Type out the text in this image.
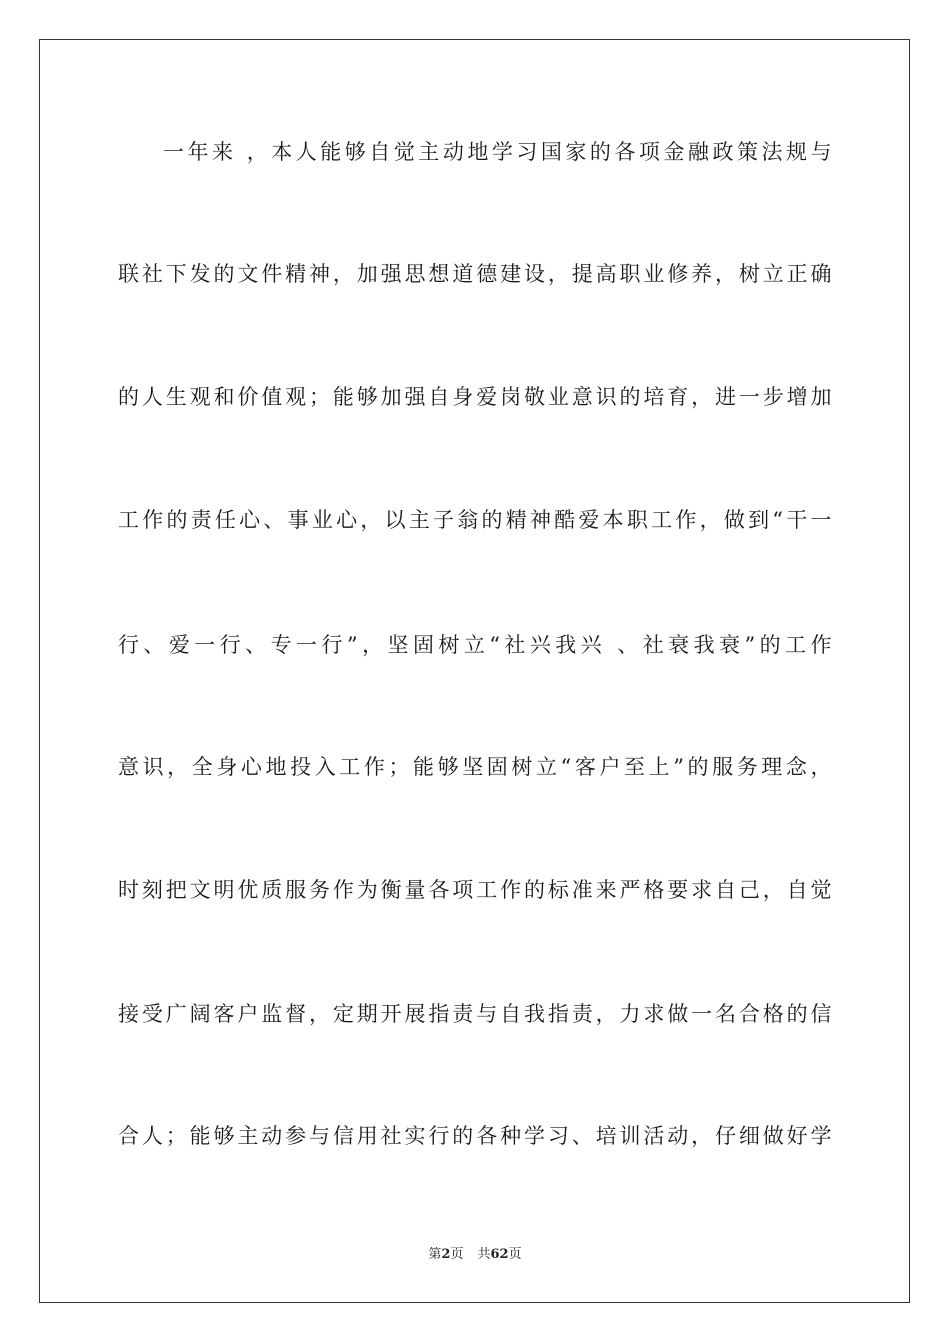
一年来 ，本人能够自觉主动地学习国家的各项金融政策法规与
联社下发的文件精神，加强思想道德建设，提高职业修养，树立正确
的人生观和价值观；能够加强自身爱岗敬业意识的培育，进一步增加
工作的责任心、事业心，以主子翁的精神酷爱本职工作，做到“干一
行、爱一行、专一行”，坚固树立“社兴我兴 、社衰我衰”的工作
意识，全身心地投入工作；能够坚固树立“客户至上”的服务理念，
时刻把文明优质服务作为衡量各项工作的标准来严格要求自己，自觉
接受广阔客户监督，定期开展指责与自我指责，力求做一名合格的信
合人；能够主动参与信用社实行的各种学习、培训活动，仔细做好学
第2页 共62页
